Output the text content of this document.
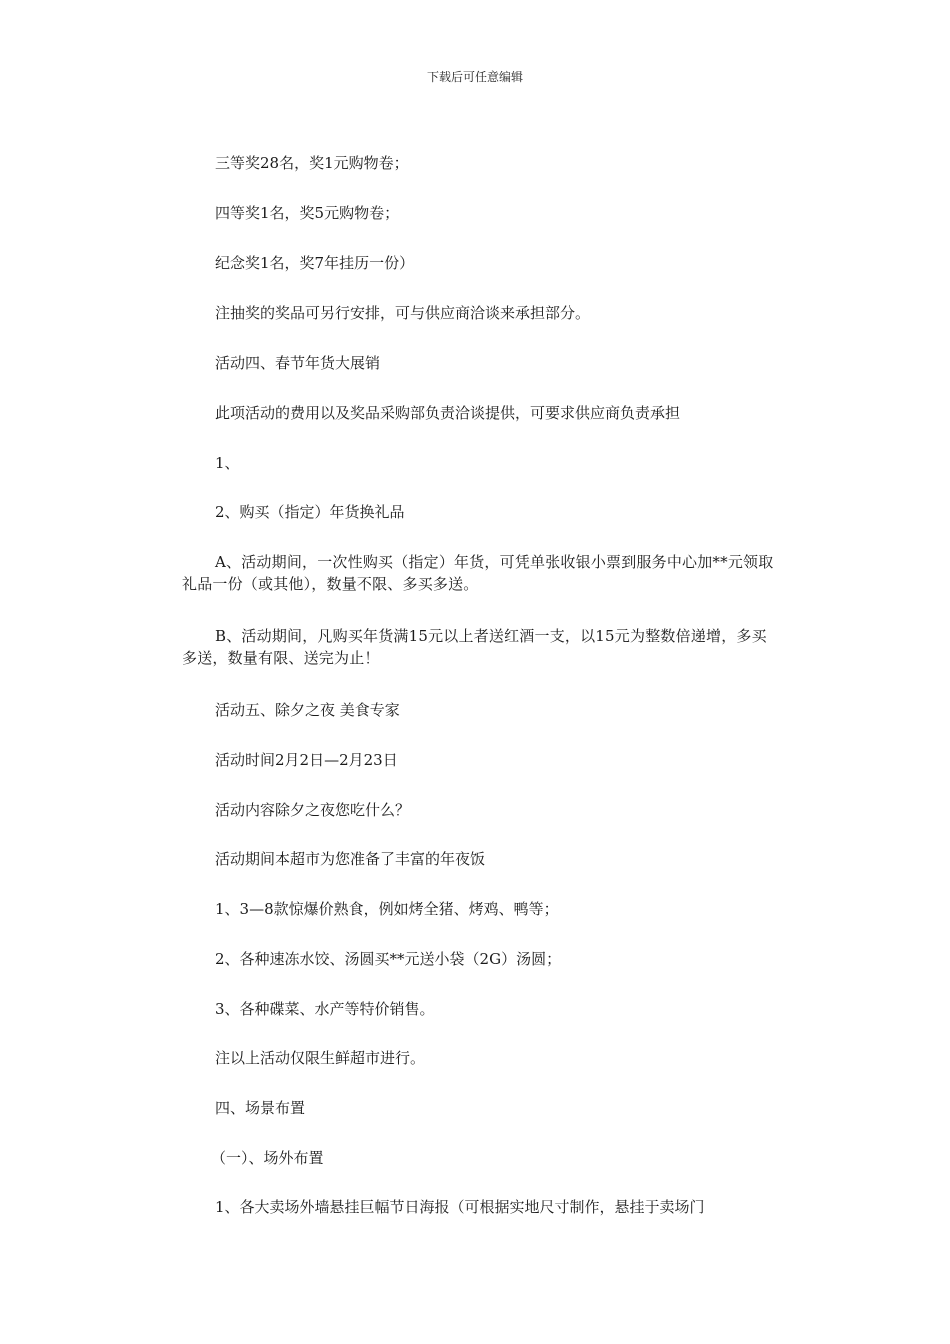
下载后可任意编辑

三等奖28名，奖1元购物卷；

四等奖1名，奖5元购物卷；

纪念奖1名，奖7年挂历一份）

注抽奖的奖品可另行安排，可与供应商洽谈来承担部分。

活动四、春节年货大展销

此项活动的费用以及奖品采购部负责洽谈提供，可要求供应商负责承担

1、

2、购买（指定）年货换礼品

A、活动期间，一次性购买（指定）年货，可凭单张收银小票到服务中心加**元领取礼品一份（或其他），数量不限、多买多送。

B、活动期间，凡购买年货满15元以上者送红酒一支，以15元为整数倍递增，多买多送，数量有限、送完为止！

活动五、除夕之夜 美食专家

活动时间2月2日—2月23日

活动内容除夕之夜您吃什么？

活动期间本超市为您准备了丰富的年夜饭

1、3—8款惊爆价熟食，例如烤全猪、烤鸡、鸭等；

2、各种速冻水饺、汤圆买**元送小袋（2G）汤圆；

3、各种碟菜、水产等特价销售。

注以上活动仅限生鲜超市进行。

四、场景布置

（一）、场外布置

1、各大卖场外墙悬挂巨幅节日海报（可根据实地尺寸制作，悬挂于卖场门
